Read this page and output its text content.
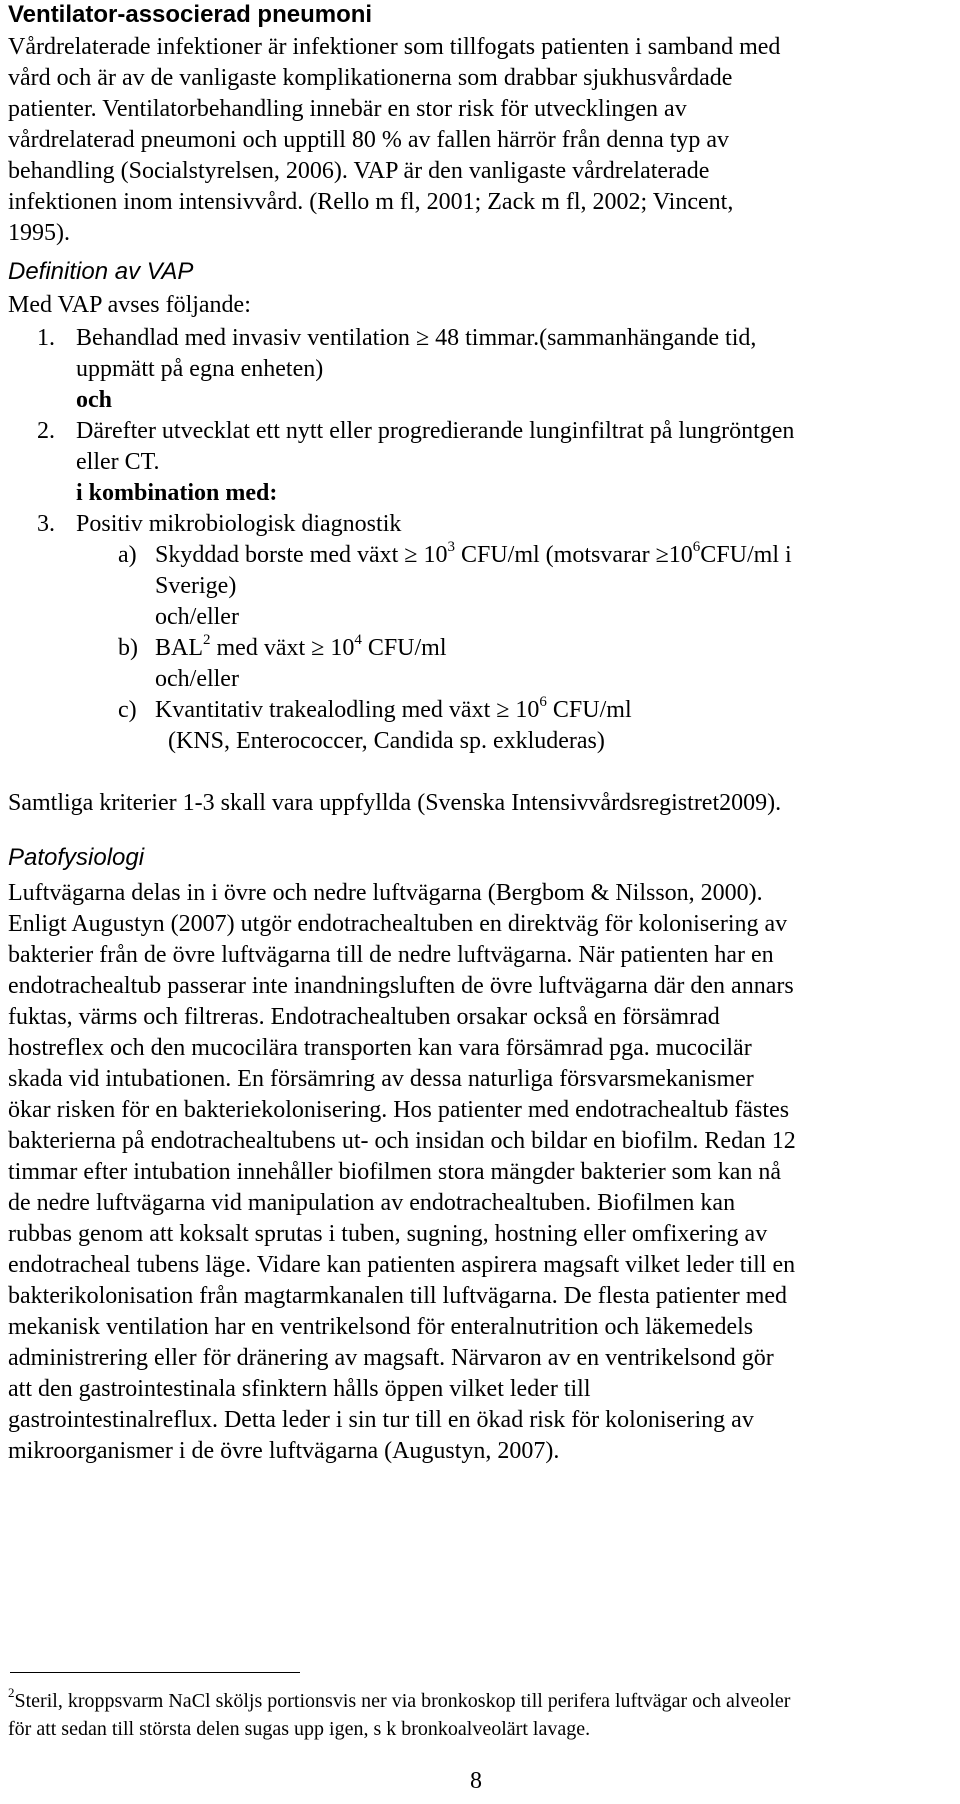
Ventilator-associerad pneumoni
Vårdrelaterade infektioner är infektioner som tillfogats patienten i samband med
vård och är av de vanligaste komplikationerna som drabbar sjukhusvårdade
patienter. Ventilatorbehandling innebär en stor risk för utvecklingen av
vårdrelaterad pneumoni och upptill 80 % av fallen härrör från denna typ av
behandling (Socialstyrelsen, 2006). VAP är den vanligaste vårdrelaterade
infektionen inom intensivvård. (Rello m fl, 2001; Zack m fl, 2002; Vincent,
1995).
Definition av VAP
Med VAP avses följande:
1. Behandlad med invasiv ventilation ≥ 48 timmar.(sammanhängande tid,
uppmätt på egna enheten)
och
2. Därefter utvecklat ett nytt eller progredierande lunginfiltrat på lungröntgen
eller CT.
i kombination med:
3. Positiv mikrobiologisk diagnostik
a) Skyddad borste med växt ≥ $10^3$ CFU/ml (motsvarar $\ge 10^6CFU/ml$ i
Sverige)
och/eller
b) BAL$^2$ med växt ≥ $10^4$ CFU/ml
och/eller
c) Kvantitativ trakealodling med växt ≥ $10^6$ CFU/ml
(KNS, Enterococcer, Candida sp. exkluderas)
Samtliga kriterier 1-3 skall vara uppfyllda (Svenska Intensivvårdsregistret2009).
Patofysiologi
Luftvägarna delas in i övre och nedre luftvägarna (Bergbom & Nilsson, 2000).
Enligt Augustyn (2007) utgör endotrachealtuben en direktväg för kolonisering av
bakterier från de övre luftvägarna till de nedre luftvägarna. När patienten har en
endotrachealtub passerar inte inandningsluften de övre luftvägarna där den annars
fuktas, värms och filtreras. Endotrachealtuben orsakar också en försämrad
hostreflex och den mucocilära transporten kan vara försämrad pga. mucocilär
skada vid intubationen. En försämring av dessa naturliga försvarsmekanismer
ökar risken för en bakteriekolonisering. Hos patienter med endotrachealtub fästes
bakterierna på endotrachealtubens ut- och insidan och bildar en biofilm. Redan 12
timmar efter intubation innehåller biofilmen stora mängder bakterier som kan nå
de nedre luftvägarna vid manipulation av endotrachealtuben. Biofilmen kan
rubbas genom att koksalt sprutas i tuben, sugning, hostning eller omfixering av
endotracheal tubens läge. Vidare kan patienten aspirera magsaft vilket leder till en
bakterikolonisation från magtarmkanalen till luftvägarna. De flesta patienter med
mekanisk ventilation har en ventrikelsond för enteralnutrition och läkemedels
administrering eller för dränering av magsaft. Närvaron av en ventrikelsond gör
att den gastrointestinala sfinktern hålls öppen vilket leder till
gastrointestinalreflux. Detta leder i sin tur till en ökad risk för kolonisering av
mikroorganismer i de övre luftvägarna (Augustyn, 2007).
$^2$Steril, kroppsvarm NaCl sköljs portionsvis ner via bronkoskop till perifera luftvägar och alveoler
för att sedan till största delen sugas upp igen, s k bronkoalveolärt lavage.
8
